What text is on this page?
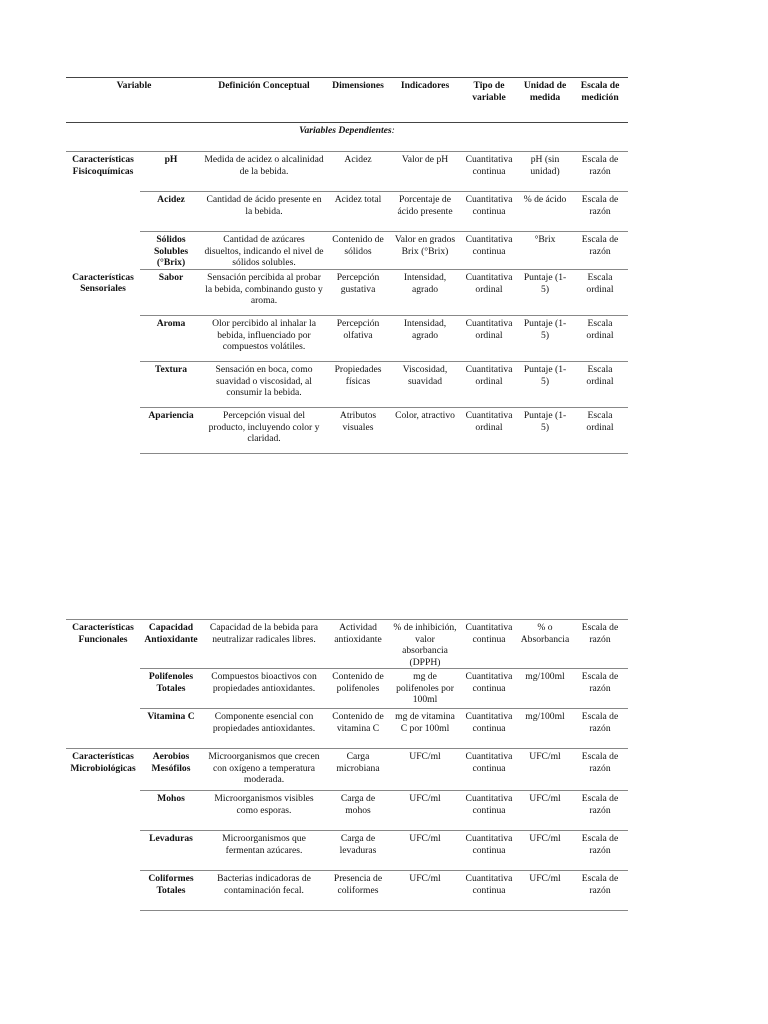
Variable		Definición Conceptual	Dimensiones	Indicadores	Tipo de variable	Unidad de medida	Escala de medición
Variables Dependientes:							
Características Fisicoquímicas	pH	Medida de acidez o alcalinidad de la bebida.	Acidez	Valor de pH	Cuantitativa continua	pH (sin unidad)	Escala de razón
	Acidez	Cantidad de ácido presente en la bebida.	Acidez total	Porcentaje de ácido presente	Cuantitativa continua	% de ácido	Escala de razón
	Sólidos Solubles (°Brix)	Cantidad de azúcares disueltos, indicando el nivel de sólidos solubles.	Contenido de sólidos	Valor en grados Brix (°Brix)	Cuantitativa continua	°Brix	Escala de razón
Características Sensoriales	Sabor	Sensación percibida al probar la bebida, combinando gusto y aroma.	Percepción gustativa	Intensidad, agrado	Cuantitativa ordinal	Puntaje (1-5)	Escala ordinal
	Aroma	Olor percibido al inhalar la bebida, influenciado por compuestos volátiles.	Percepción olfativa	Intensidad, agrado	Cuantitativa ordinal	Puntaje (1-5)	Escala ordinal
	Textura	Sensación en boca, como suavidad o viscosidad, al consumir la bebida.	Propiedades físicas	Viscosidad, suavidad	Cuantitativa ordinal	Puntaje (1-5)	Escala ordinal
	Apariencia	Percepción visual del producto, incluyendo color y claridad.	Atributos visuales	Color, atractivo	Cuantitativa ordinal	Puntaje (1-5)	Escala ordinal
Características Funcionales	Capacidad Antioxidante	Capacidad de la bebida para neutralizar radicales libres.	Actividad antioxidante	% de inhibición, valor absorbancia (DPPH)	Cuantitativa continua	% o Absorbancia	Escala de razón
	Polifenoles Totales	Compuestos bioactivos con propiedades antioxidantes.	Contenido de polifenoles	mg de polifenoles por 100ml	Cuantitativa continua	mg/100ml	Escala de razón
	Vitamina C	Componente esencial con propiedades antioxidantes.	Contenido de vitamina C	mg de vitamina C por 100ml	Cuantitativa continua	mg/100ml	Escala de razón
Características Microbiológicas	Aerobios Mesófilos	Microorganismos que crecen con oxígeno a temperatura moderada.	Carga microbiana	UFC/ml	Cuantitativa continua	UFC/ml	Escala de razón
	Mohos	Microorganismos visibles como esporas.	Carga de mohos	UFC/ml	Cuantitativa continua	UFC/ml	Escala de razón
	Levaduras	Microorganismos que fermentan azúcares.	Carga de levaduras	UFC/ml	Cuantitativa continua	UFC/ml	Escala de razón
	Coliformes Totales	Bacterias indicadoras de contaminación fecal.	Presencia de coliformes	UFC/ml	Cuantitativa continua	UFC/ml	Escala de razón
